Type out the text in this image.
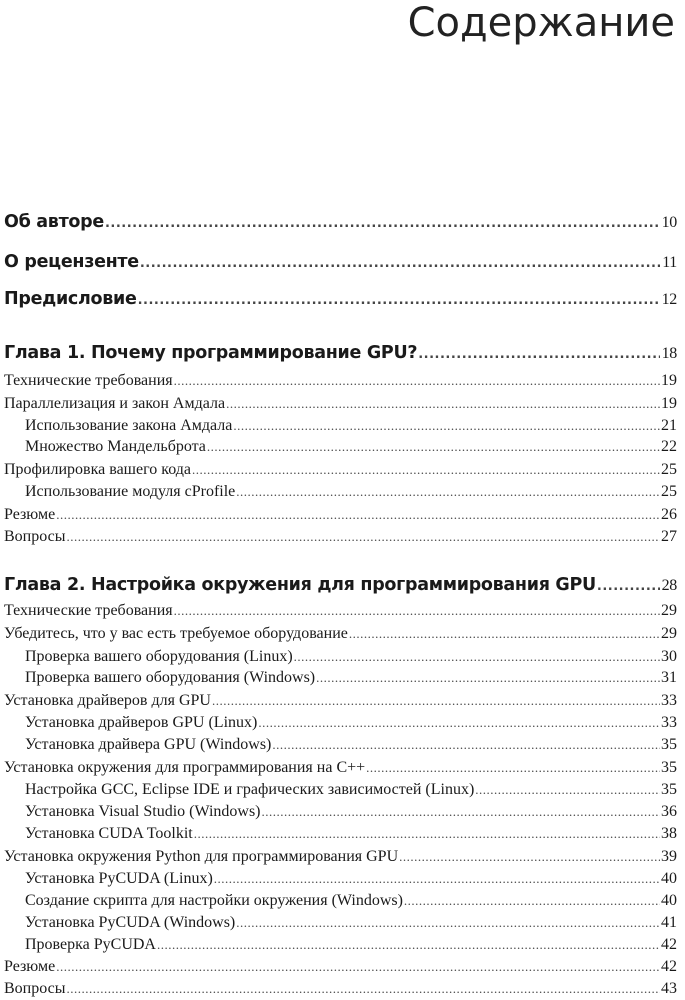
Содержание
Об авторе .....	10
О рецензенте .....	11
Предисловие .....	12
Глава 1. Почему программирование GPU? .....	18
Технические требования .....	19
Параллелизация и закон Амдала .....	19
Использование закона Амдала .....	21
Множество Мандельброта .....	22
Профилировка вашего кода .....	25
Использование модуля cProfile .....	25
Резюме .....	26
Вопросы .....	27
Глава 2. Настройка окружения для программирования GPU .....	28
Технические требования .....	29
Убедитесь, что у вас есть требуемое оборудование .....	29
Проверка вашего оборудования (Linux) .....	30
Проверка вашего оборудования (Windows) .....	31
Установка драйверов для GPU .....	33
Установка драйверов GPU (Linux) .....	33
Установка драйвера GPU (Windows) .....	35
Установка окружения для программирования на С++ .....	35
Настройка GCC, Eclipse IDE и графических зависимостей (Linux) .....	35
Установка Visual Studio (Windows) .....	36
Установка CUDA Toolkit .....	38
Установка окружения Python для программирования GPU .....	39
Установка PyCUDA (Linux) .....	40
Создание скрипта для настройки окружения (Windows) .....	40
Установка PyCUDA (Windows) .....	41
Проверка PyCUDA .....	42
Резюме .....	42
Вопросы .....	43
